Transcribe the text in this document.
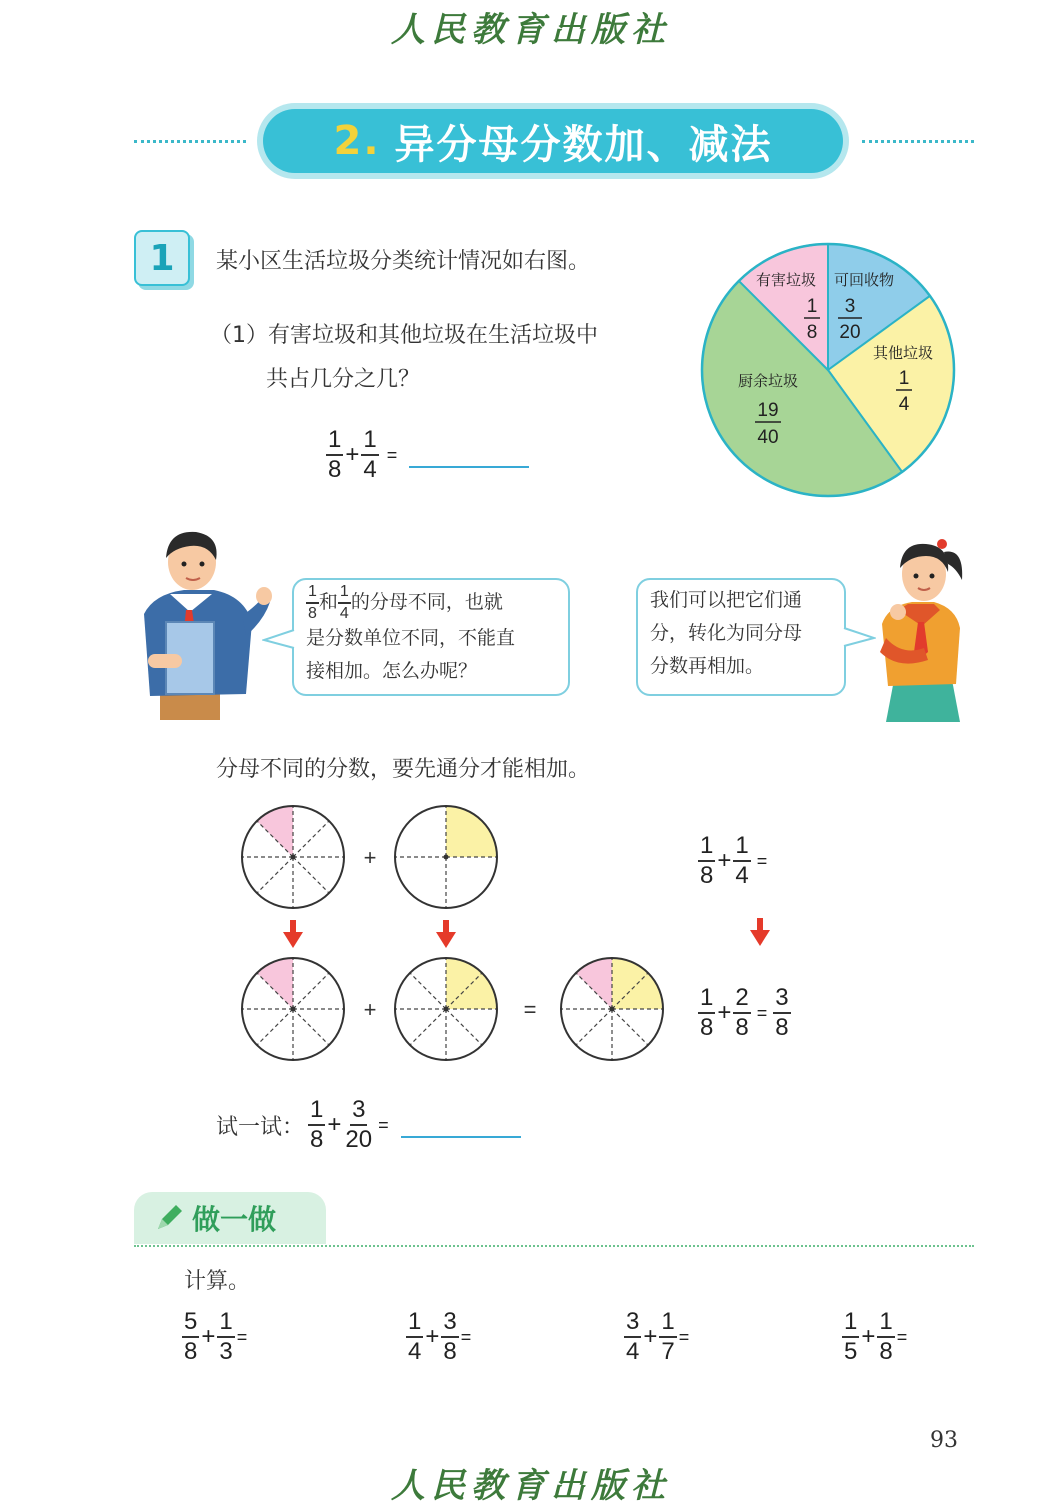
人民教育出版社
2. 异分母分数加、减法
1	某小区生活垃圾分类统计情况如右图。
（1）有害垃圾和其他垃圾在生活垃圾中
共占几分之几？
$\frac{1}{8} + \frac{1}{4}$ =
有害垃圾
1
8
可回收物
3
20
其他垃圾
1
4
厨余垃圾
19
40
$\frac{1}{8}$ 和 $\frac{1}{4}$ 的分母不同，也就
是分数单位不同，不能直
接相加。怎么办呢？
我们可以把它们通
分，转化为同分母
分数再相加。
分母不同的分数，要先通分才能相加。
+
+	=
$\frac{1}{8} + \frac{1}{4}$ =
$\frac{1}{8} + \frac{2}{8} = \frac{3}{8}$
试一试： $\frac{1}{8} + \frac{3}{20}$ =
做一做
计算。
$\frac{5}{8} + \frac{1}{3}$ =	$\frac{1}{4} + \frac{3}{8}$ =	$\frac{3}{4} + \frac{1}{7}$ =	$\frac{1}{5} + \frac{1}{8}$ =
93
人民教育出版社
